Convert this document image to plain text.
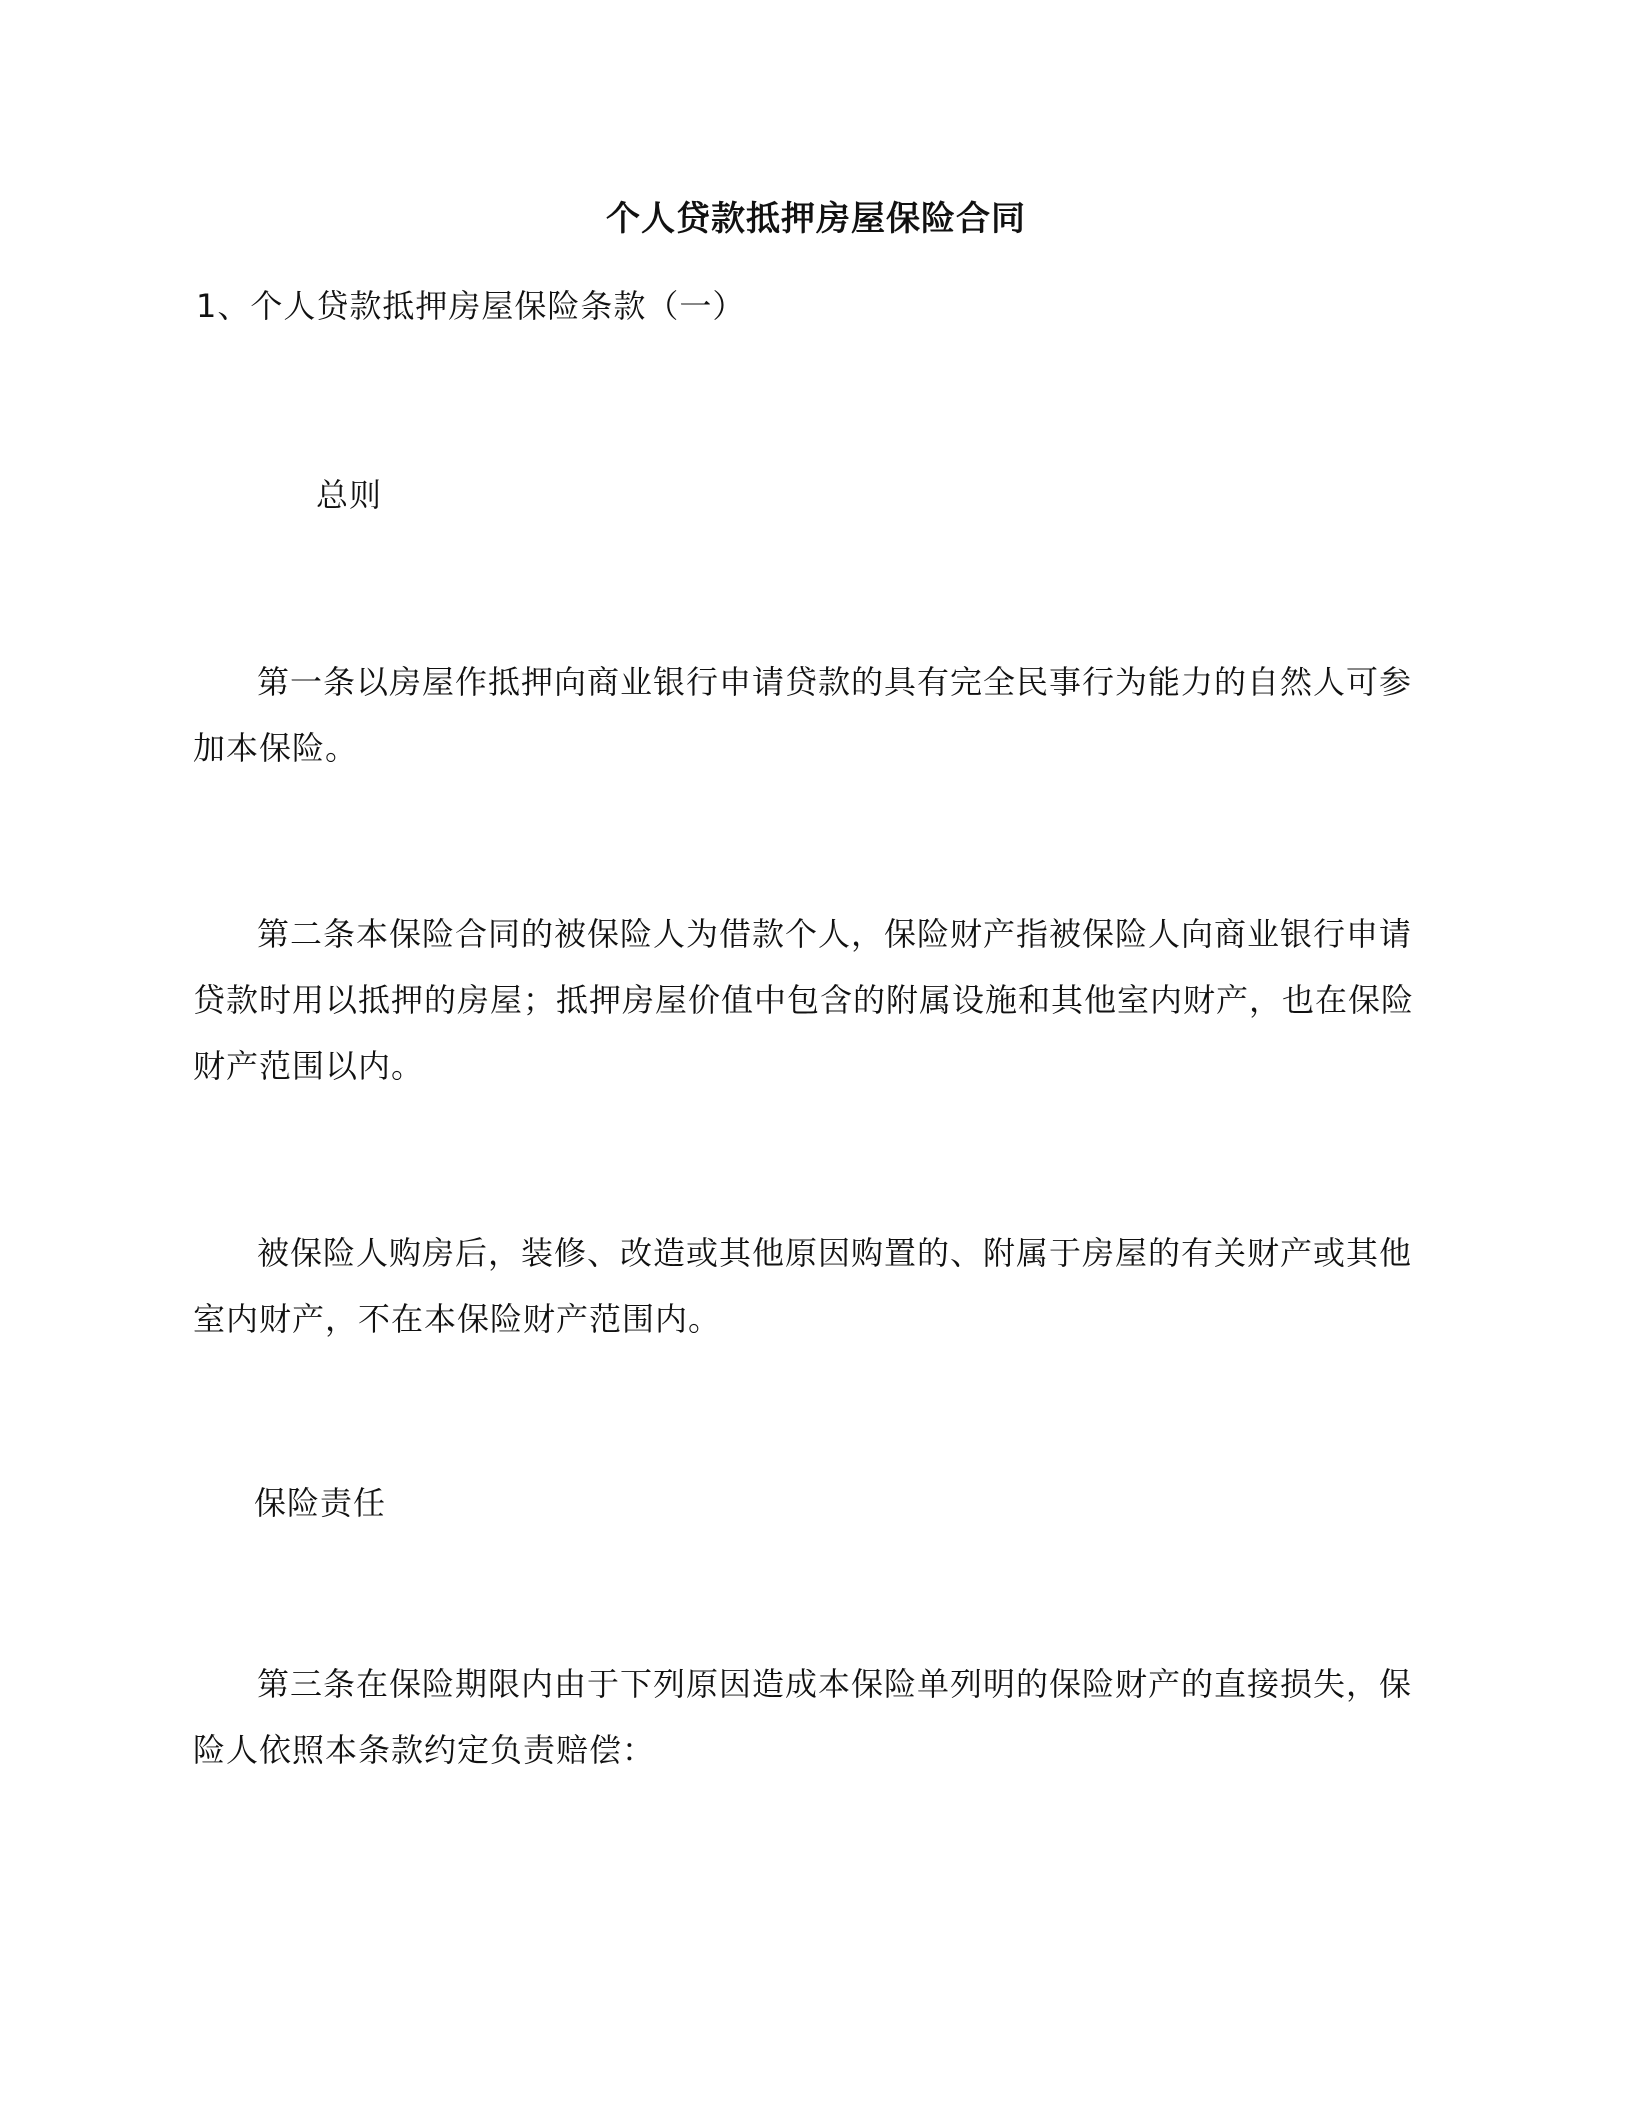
个人贷款抵押房屋保险合同
1、个人贷款抵押房屋保险条款（一）
总则
第一条以房屋作抵押向商业银行申请贷款的具有完全民事行为能力的自然人可参加本保险。
第二条本保险合同的被保险人为借款个人，保险财产指被保险人向商业银行申请贷款时用以抵押的房屋；抵押房屋价值中包含的附属设施和其他室内财产，也在保险财产范围以内。
被保险人购房后，装修、改造或其他原因购置的、附属于房屋的有关财产或其他室内财产，不在本保险财产范围内。
保险责任
第三条在保险期限内由于下列原因造成本保险单列明的保险财产的直接损失，保险人依照本条款约定负责赔偿：
